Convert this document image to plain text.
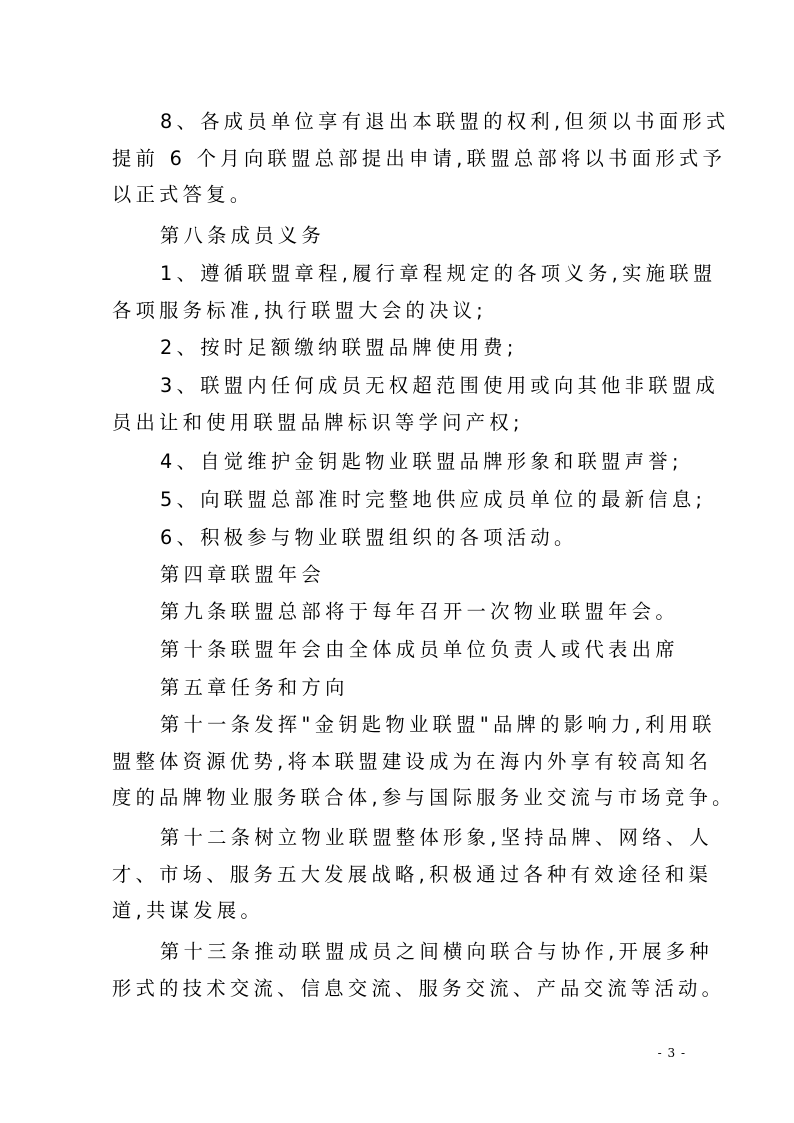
8、各成员单位享有退出本联盟的权利,但须以书面形式
提前 6 个月向联盟总部提出申请,联盟总部将以书面形式予
以正式答复。

第八条成员义务

1、遵循联盟章程,履行章程规定的各项义务,实施联盟
各项服务标准,执行联盟大会的决议;

2、按时足额缴纳联盟品牌使用费;

3、联盟内任何成员无权超范围使用或向其他非联盟成
员出让和使用联盟品牌标识等学问产权;

4、自觉维护金钥匙物业联盟品牌形象和联盟声誉;

5、向联盟总部准时完整地供应成员单位的最新信息;

6、积极参与物业联盟组织的各项活动。

第四章联盟年会

第九条联盟总部将于每年召开一次物业联盟年会。

第十条联盟年会由全体成员单位负责人或代表出席

第五章任务和方向

第十一条发挥"金钥匙物业联盟"品牌的影响力,利用联
盟整体资源优势,将本联盟建设成为在海内外享有较高知名
度的品牌物业服务联合体,参与国际服务业交流与市场竞争。

第十二条树立物业联盟整体形象,坚持品牌、网络、人
才、市场、服务五大发展战略,积极通过各种有效途径和渠
道,共谋发展。

第十三条推动联盟成员之间横向联合与协作,开展多种
形式的技术交流、信息交流、服务交流、产品交流等活动。

- 3 -
